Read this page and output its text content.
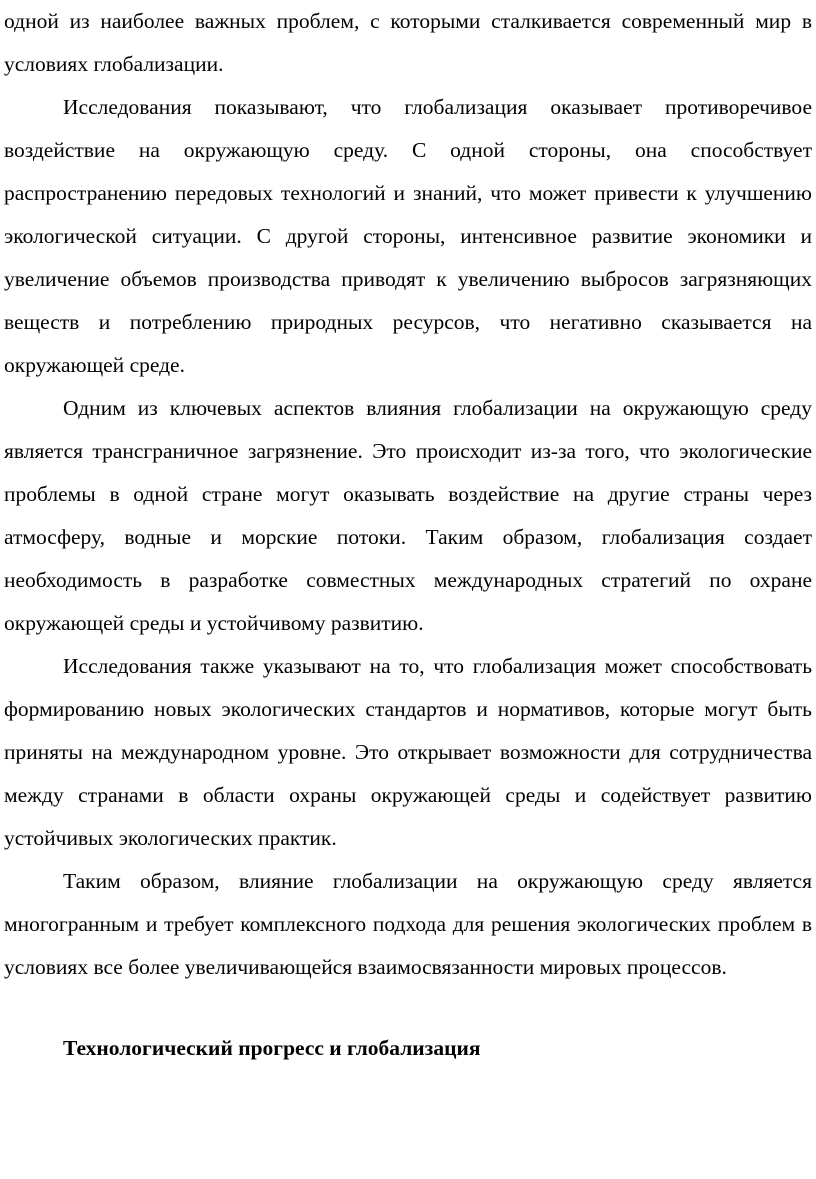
одной из наиболее важных проблем, с которыми сталкивается современный мир в условиях глобализации.

Исследования показывают, что глобализация оказывает противоречивое воздействие на окружающую среду. С одной стороны, она способствует распространению передовых технологий и знаний, что может привести к улучшению экологической ситуации. С другой стороны, интенсивное развитие экономики и увеличение объемов производства приводят к увеличению выбросов загрязняющих веществ и потреблению природных ресурсов, что негативно сказывается на окружающей среде.

Одним из ключевых аспектов влияния глобализации на окружающую среду является трансграничное загрязнение. Это происходит из-за того, что экологические проблемы в одной стране могут оказывать воздействие на другие страны через атмосферу, водные и морские потоки. Таким образом, глобализация создает необходимость в разработке совместных международных стратегий по охране окружающей среды и устойчивому развитию.

Исследования также указывают на то, что глобализация может способствовать формированию новых экологических стандартов и нормативов, которые могут быть приняты на международном уровне. Это открывает возможности для сотрудничества между странами в области охраны окружающей среды и содействует развитию устойчивых экологических практик.

Таким образом, влияние глобализации на окружающую среду является многогранным и требует комплексного подхода для решения экологических проблем в условиях все более увеличивающейся взаимосвязанности мировых процессов.

Технологический прогресс и глобализация
